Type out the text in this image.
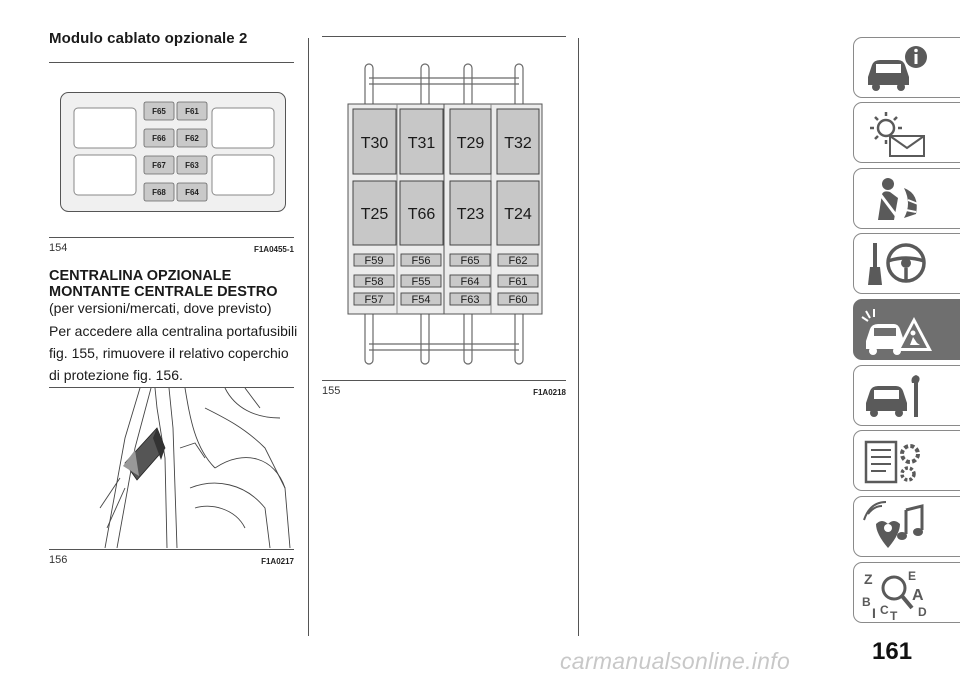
Modulo cablato opzionale 2
F65 F61
F66 F62
F67 F63
F68 F64
154	F1A0455-1
CENTRALINA OPZIONALE
MONTANTE CENTRALE DESTRO
(per versioni/mercati, dove previsto)

Per accedere alla centralina portafusibili fig. 155, rimuovere il relativo coperchio di protezione fig. 156.

156	F1A0217
T30 T31 T29 T32
T25 T66 T23 T24
F59	F56	F65	F62
F58	F55	F64	F61
F57	F54	F63	F60
155	F1A0218
Z	E
A
B
C D
I T
carmanualsonline.info	161
